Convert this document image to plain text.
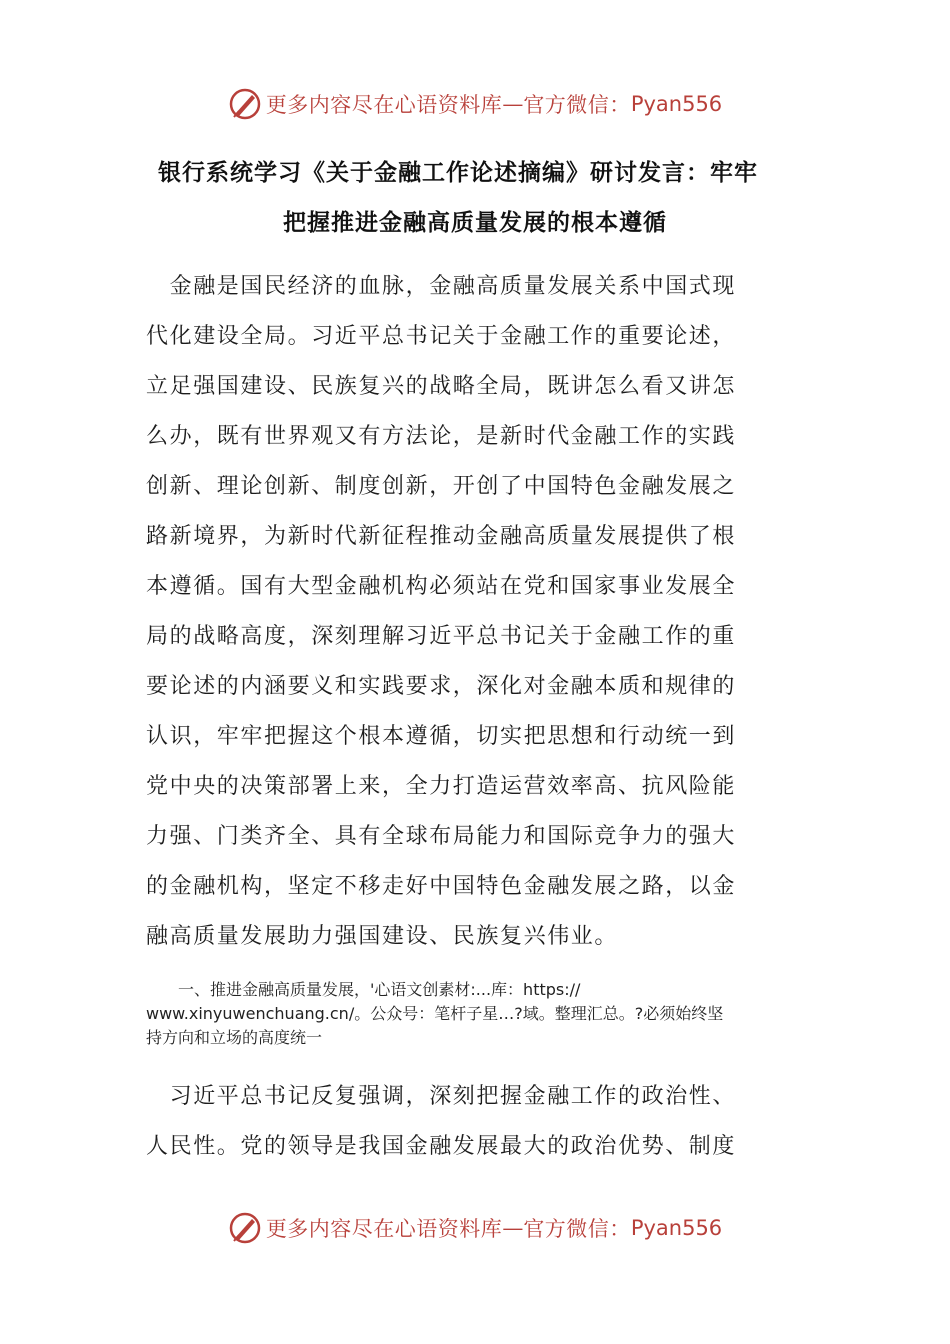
更多内容尽在心语资料库 — 官方微信： Pyan556
银行系统学习《关于金融工作论述摘编》研讨发言：牢牢
把握推进金融高质量发展的根本遵循
　金融是国民经济的血脉，金融高质量发展关系中国式现
代化建设全局。习近平总书记关于金融工作的重要论述，
立足强国建设、民族复兴的战略全局，既讲怎么看又讲怎
么办，既有世界观又有方法论，是新时代金融工作的实践
创新、理论创新、制度创新，开创了中国特色金融发展之
路新境界，为新时代新征程推动金融高质量发展提供了根
本遵循。国有大型金融机构必须站在党和国家事业发展全
局的战略高度，深刻理解习近平总书记关于金融工作的重
要论述的内涵要义和实践要求，深化对金融本质和规律的
认识，牢牢把握这个根本遵循，切实把思想和行动统一到
党中央的决策部署上来，全力打造运营效率高、抗风险能
力强、门类齐全、具有全球布局能力和国际竞争力的强大
的金融机构，坚定不移走好中国特色金融发展之路，以金
融高质量发展助力强国建设、民族复兴伟业。
　　一、推进金融高质量发展，'心语文创素材:...库：https://
www.xinyuwenchuang.cn/。公众号：笔杆子星…?域。整理汇总。?必须始终坚
持方向和立场的高度统一
　习近平总书记反复强调，深刻把握金融工作的政治性、
人民性。党的领导是我国金融发展最大的政治优势、制度
更多内容尽在心语资料库 — 官方微信： Pyan556
